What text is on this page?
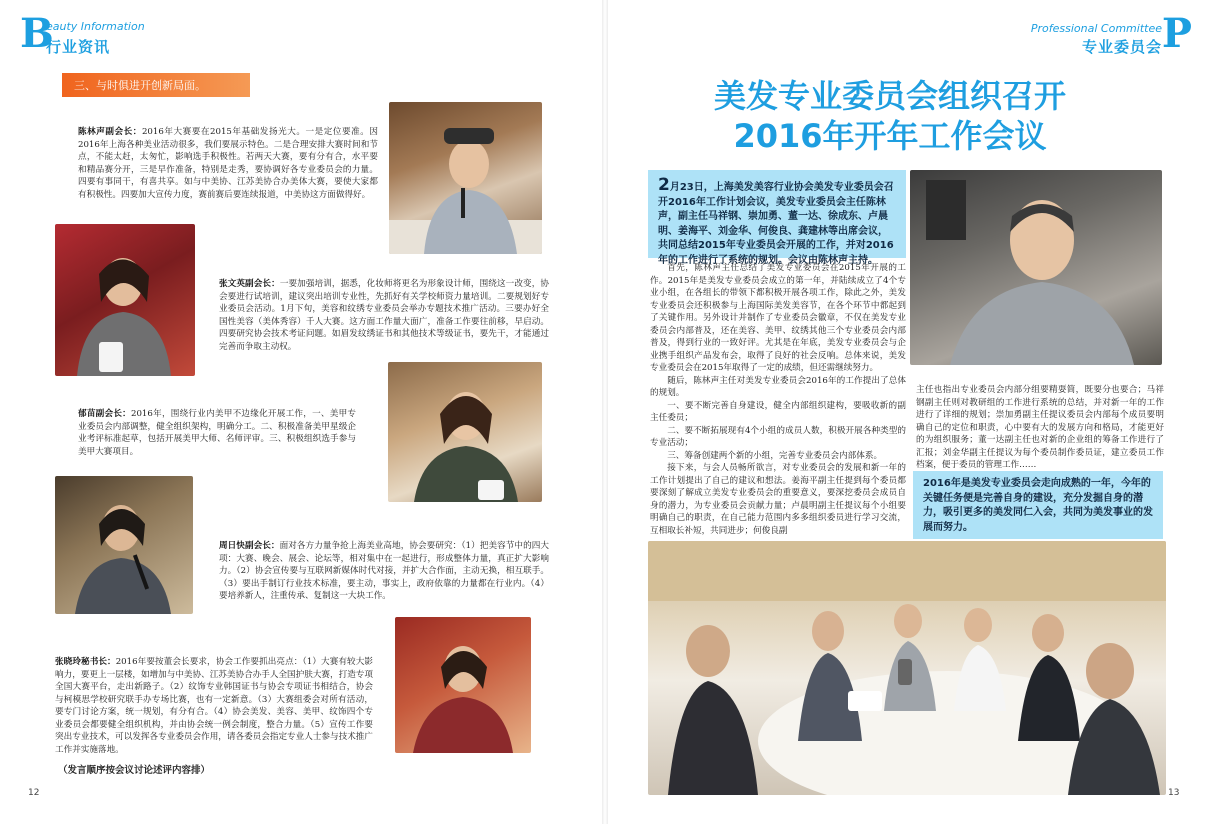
B
eauty Information
行业资讯
三、与时俱进开创新局面。
陈林声副会长：2016年大赛要在2015年基础发扬光大。一是定位要准。因2016年上海各种美业活动很多，我们要展示特色。二是合理安排大赛时间和节点，不能太赶，太匆忙，影响选手积极性。若两天大赛，要有分有合，水平要和精品赛分开，三是早作准备，特别是走秀，要协调好各专业委员会的力量。四要有事同干，有喜共享。如与中美协、江苏美协合办美体大赛，要使大家都有积极性。四要加大宣传力度，赛前赛后要连续报道，中美协这方面做得好。
张文英副会长：一要加强培训，据悉，化妆师将更名为形象设计师，围绕这一改变，协会要进行试培训，建议突出培训专业性，先抓好有关学校师资力量培训。二要规划好专业委员会活动。1月下旬，美容和纹绣专业委员会举办专题技术推广活动。三要办好全国性美容（美体秀容）千人大赛。这方面工作量大面广，准备工作要往前移，早启动。四要研究协会技术考证问题。如眉发纹绣证书和其他技术等级证书，要先干，才能通过完善而争取主动权。
郁苗副会长：2016年，围绕行业内美甲不边缘化开展工作，一、美甲专业委员会内部调整，健全组织架构，明确分工。二、积极准备美甲星级企业考评标准起草，包括开展美甲大师、名师评审。三、积极组织选手参与美甲大赛项目。
周日快副会长：面对各方力量争抢上海美业高地，协会要研究：（1）把美容节中的四大项：大赛、晚会、展会、论坛等，相对集中在一起进行，形成整体力量，真正扩大影响力。（2）协会宣传要与互联网新媒体时代对接，并扩大合作面，主动无换，相互联手。（3）要出手制订行业技术标准，要主动，事实上，政府依靠的力量都在行业内。（4）要培养新人，注重传承、复制这一大块工作。
张晓玲秘书长：2016年要按董会长要求，协会工作要抓出亮点：（1）大赛有较大影响力，要更上一层楼，如增加与中美协、江苏美协合办手人全国护肤大赛，打造专项全国大赛平台，走出新路子。（2）纹饰专业韩国证书与协会专项证书相结合，协会与柯模思学校研究联手办专场比赛，也有一定新意。（3）大赛组委会对所有活动，要专门讨论方案，统一规划，有分有合。（4）协会美发、美容、美甲、纹饰四个专业委员会都要健全组织机构，并由协会统一例会制度，整合力量。（5）宣传工作要突出专业技术，可以发挥各专业委员会作用，请各委员会指定专业人士参与技术推广工作并实施落地。
（发言顺序按会议讨论述评内容排）
12
Professional Committee
专业委员会 P
美发专业委员会组织召开
2016年开年工作会议
2月23日，上海美发美容行业协会美发专业委员会召开2016年工作计划会议，美发专业委员会主任陈林声，副主任马祥钢、崇加勇、董一达、徐成东、卢晨明、姜海平、刘金华、何俊良、龚建林等出席会议，共同总结2015年专业委员会开展的工作，并对2016年的工作进行了系统的规划。会议由陈林声主持。

首先，陈林声主任总结了美发专业委员会在2015年开展的工作。2015年是美发专业委员会成立的第一年，并陆续成立了4个专业小组，在各组长的带领下都积极开展各项工作，除此之外，美发专业委员会还积极参与上海国际美发美容节，在各个环节中都起到了关键作用。另外设计并制作了专业委员会徽章，不仅在美发专业委员会内部普及，还在美容、美甲、纹绣其他三个专业委员会内部普及，得到行业的一致好评。尤其是在年底，美发专业委员会与企业携手组织产品发布会，取得了良好的社会反响。总体来说，美发专业委员会在2015年取得了一定的成绩，但还需继续努力。

随后，陈林声主任对美发专业委员会2016年的工作提出了总体的规划。

一、要不断完善自身建设，健全内部组织建构，要吸收新的副主任委员；

二、要不断拓展现有4个小组的成员人数，积极开展各种类型的专业活动；

三、筹备创建两个新的小组，完善专业委员会内部体系。

接下来，与会人员畅所欲言，对专业委员会的发展和新一年的工作计划提出了自己的建议和想法。姜海平副主任提到每个委员都要深刻了解成立美发专业委员会的重要意义，要深挖委员会成员自身的潜力，为专业委员会贡献力量；卢晨明副主任提议每个小组要明确自己的职责，在自己能力范围内多多组织委员进行学习交流，互相取长补短，共同进步；何俊良副

主任也指出专业委员会内部分组要精耍简，既要分也要合；马祥钢副主任则对教研组的工作进行系统的总结，并对新一年的工作进行了详细的规划；崇加勇副主任提议委员会内部每个成员要明确自己的定位和职责，心中要有大的发展方向和格局，才能更好的为组织服务；董一达副主任也对新的企业组的筹备工作进行了汇报；刘金华副主任提议为每个委员制作委员证，建立委员工作档案，便于委员的管理工作……
2016年是美发专业委员会走向成熟的一年，今年的关键任务便是完善自身的建设，充分发掘自身的潜力，吸引更多的美发同仁入会，共同为美发事业的发展而努力。
13
